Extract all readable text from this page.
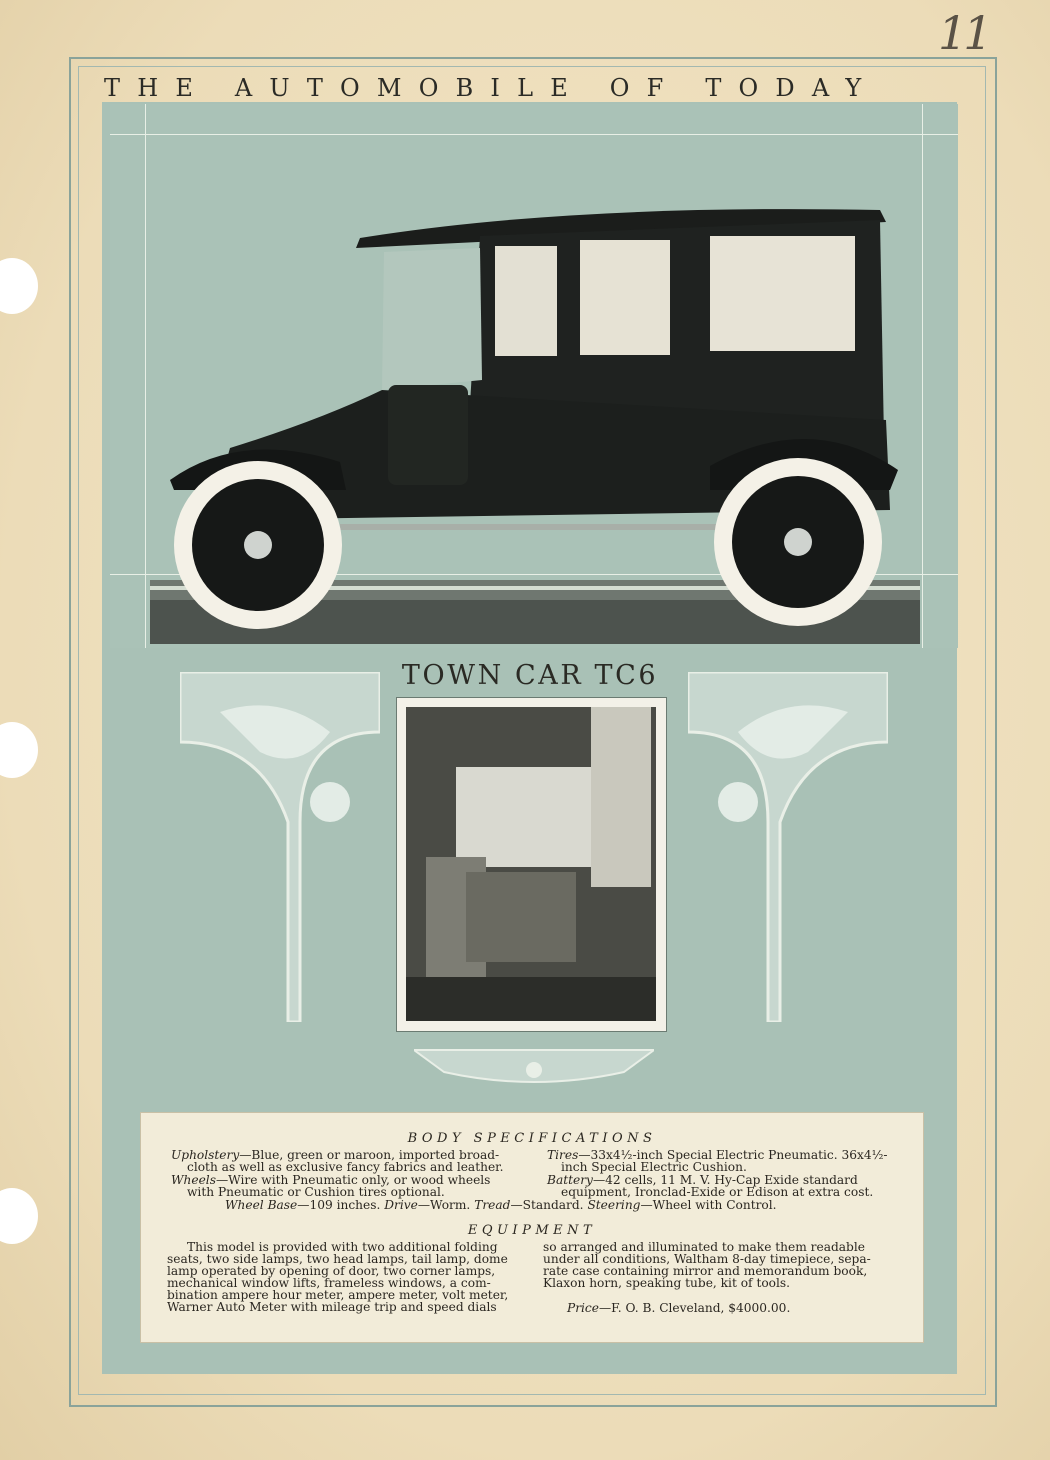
11
THE AUTOMOBILE OF TODAY
TOWN CAR TC6
BODY SPECIFICATIONS
Upholstery—Blue, green or maroon, imported broad-
cloth as well as exclusive fancy fabrics and leather.
Wheels—Wire with Pneumatic only, or wood wheels
with Pneumatic or Cushion tires optional.
Tires—33x4½-inch Special Electric Pneumatic. 36x4½-
inch Special Electric Cushion.
Battery—42 cells, 11 M. V. Hy-Cap Exide standard
equipment, Ironclad-Exide or Edison at extra cost.
Wheel Base—109 inches. Drive—Worm. Tread—Standard. Steering—Wheel with Control.
EQUIPMENT
This model is provided with two additional folding
seats, two side lamps, two head lamps, tail lamp, dome
lamp operated by opening of door, two corner lamps,
mechanical window lifts, frameless windows, a com-
bination ampere hour meter, ampere meter, volt meter,
Warner Auto Meter with mileage trip and speed dials
so arranged and illuminated to make them readable
under all conditions, Waltham 8-day timepiece, sepa-
rate case containing mirror and memorandum book,
Klaxon horn, speaking tube, kit of tools.
Price—F. O. B. Cleveland, $4000.00.
